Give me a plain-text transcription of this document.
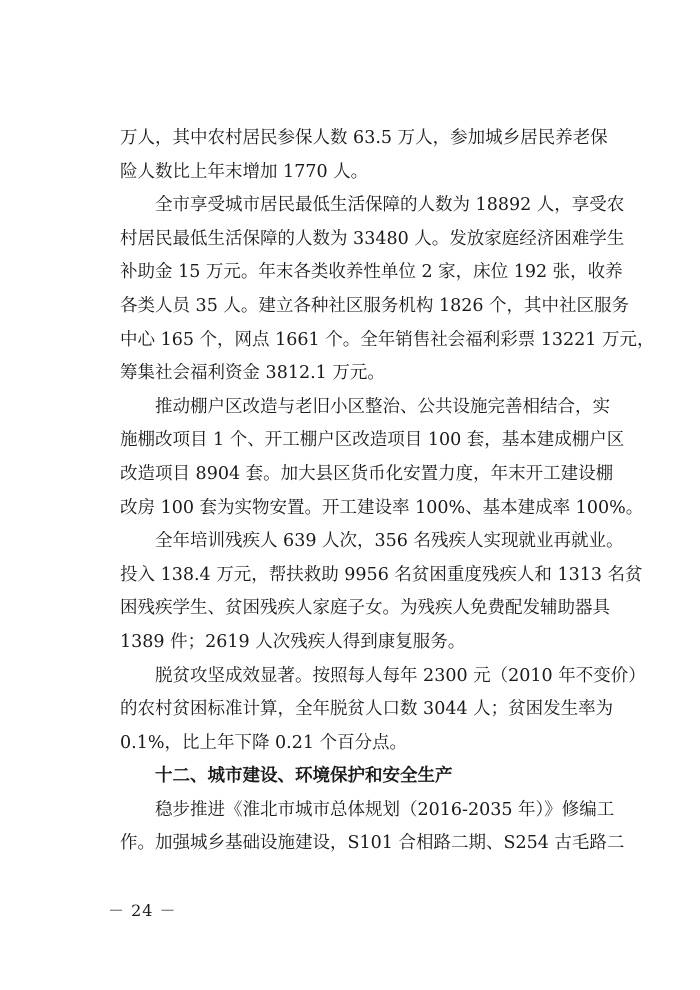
万人，其中农村居民参保人数 63.5 万人，参加城乡居民养老保
险人数比上年末增加 1770 人。
全市享受城市居民最低生活保障的人数为 18892 人，享受农
村居民最低生活保障的人数为 33480 人。发放家庭经济困难学生
补助金 15 万元。年末各类收养性单位 2 家，床位 192 张，收养
各类人员 35 人。建立各种社区服务机构 1826 个，其中社区服务
中心 165 个，网点 1661 个。全年销售社会福利彩票 13221 万元，
筹集社会福利资金 3812.1 万元。
推动棚户区改造与老旧小区整治、公共设施完善相结合，实
施棚改项目 1 个、开工棚户区改造项目 100 套，基本建成棚户区
改造项目 8904 套。加大县区货币化安置力度，年末开工建设棚
改房 100 套为实物安置。开工建设率 100%、基本建成率 100%。
全年培训残疾人 639 人次，356 名残疾人实现就业再就业。
投入 138.4 万元，帮扶救助 9956 名贫困重度残疾人和 1313 名贫
困残疾学生、贫困残疾人家庭子女。为残疾人免费配发辅助器具
1389 件；2619 人次残疾人得到康复服务。
脱贫攻坚成效显著。按照每人每年 2300 元（2010 年不变价）
的农村贫困标准计算，全年脱贫人口数 3044 人；贫困发生率为
0.1%，比上年下降 0.21 个百分点。
十二、城市建设、环境保护和安全生产
稳步推进《淮北市城市总体规划（2016-2035 年）》修编工
作。加强城乡基础设施建设，S101 合相路二期、S254 古毛路二
－ 24 －
